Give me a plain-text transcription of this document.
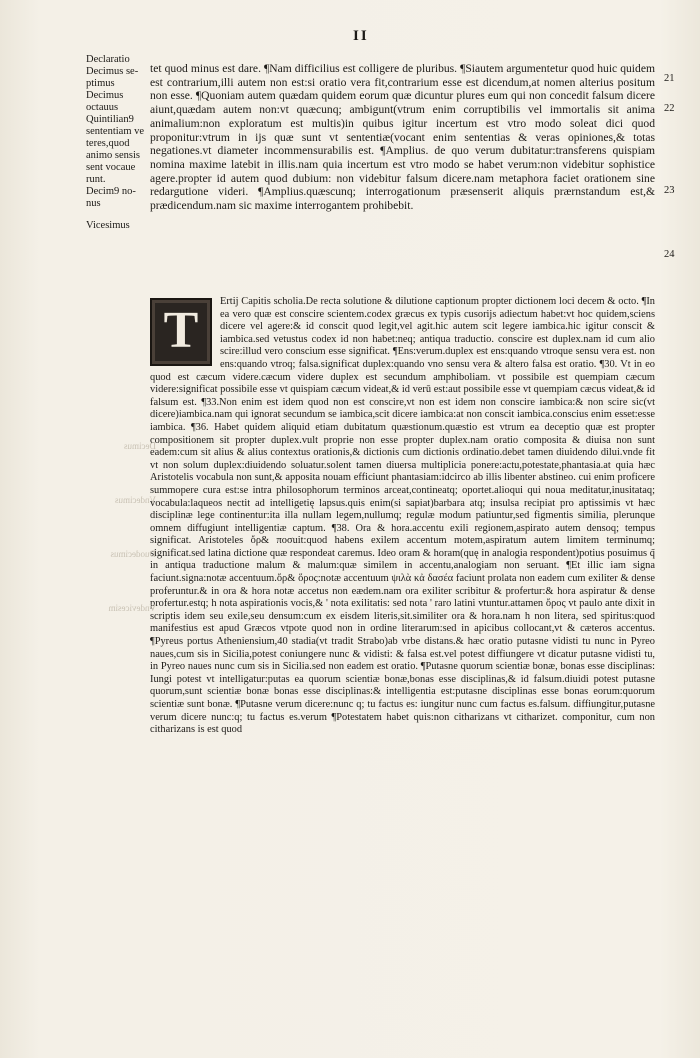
II
Declaratio
Decimus se-
ptimus
Decimus
octauus
Quintilian9
sententiam ve
teres,quod
animo sensis
sent vocaue
runt.
Decim9 no-
nus
Vicesimus

tet quod minus est dare. ¶Nam difficilius est colligere de pluribus. ¶Siautem argumentetur quod huic quidem est contrarium,illi autem non est:si oratio vera fit,contrarium esse est dicendum,at nomen alterius positum non esse. ¶Quoniam autem quædam quidem eorum quæ dicuntur plures eum qui non concedit falsum dicere aiunt,quædam autem non:vt quæcunq; ambigunt(vtrum enim corruptibilis vel immortalis sit anima animalium:non exploratum est multis)in quibus igitur incertum est vtro modo soleat dici quod proponitur:vtrum in ijs quæ sunt vt sententiæ(vocant enim sententias & veras opiniones,& totas negationes.vt diameter incommensurabilis est. ¶Amplius. de quo verum dubitatur:transferens quispiam nomina maxime latebit in illis.nam quia incertum est vtro modo se habet verum:non videbitur sophistice agere.propter id autem quod dubium: non videbitur falsum dicere.nam metaphora faciet orationem sine redargutione videri. ¶Amplius.quæscunq; interrogationum præsenserit aliquis prærnstandum est,& prædicendum.nam sic maxime interrogantem prohibebit.

21
22
23
24
T

Ertij Capitis scholia.De recta solutione & dilutione captionum propter dictionem loci decem & octo. ¶In ea vero quæ est conscire scientem.codex græcus ex typis cusorijs adiectum habet:vt hoc quidem,sciens dicere vel agere:& id conscit quod legit,vel agit.hic autem scit legere iambica.hic igitur conscit & iambica.sed vetustus codex id non habet:neq; antiqua traductio. conscire est duplex.nam id cum alio scire:illud vero conscium esse significat. ¶Ens:verum.duplex est ens:quando vtroque sensu vera est. non ens:quando vtroq; falsa.significat duplex:quando vno sensu vera & altero falsa est oratio. ¶30. Vt in eo quod est cæcum videre.cæcum videre duplex est secundum amphiboliam. vt possibile est quempiam cæcum videre:significat possibile esse vt quispiam cæcum videat,& id verū est:aut possibile esse vt quempiam cæcus videat,& id falsum est. ¶33.Non enim est idem quod non est conscire,vt non est idem non conscire iambica:& non scire sic(vt dicere)iambica.nam qui ignorat secundum se iambica,scit dicere iambica:at non conscit iambica.conscius enim esset:esse iambica. ¶36. Habet quidem aliquid etiam dubitatum quæstionum.quæstio est vtrum ea deceptio quæ est propter compositionem sit propter duplex.vult proprie non esse propter duplex.nam oratio composita & diuisa non sunt eadem:cum sit alius & alius contextus orationis,& dictionis cum dictionis ordinatio.debet tamen diuidendo dilui.vnde fit vt non solum duplex:diuidendo soluatur.solent tamen diuersa multiplicia ponere:actu,potestate,phantasia.at quia hæc Aristotelis vocabula non sunt,& apposita nouam efficiunt phantasiam:idcirco ab illis libenter abstineo. cui enim proficere summopere cura est:se intra philosophorum terminos arceat,contineatq; oportet.alioqui qui noua meditatur,inusitataq; vocabula:laqueos nectit ad intelligetię lapsus.quis enim(si sapiat)barbara atq; insulsa recipiat pro aptissimis vt hæc disciplinæ lege continentur:ita illa nullam legem,nullumq; regulæ modum patiuntur,sed figmentis similia, plerunque omnem diffugiunt intelligentiæ captum. ¶38. Ora & hora.accentu exili regionem,aspirato autem densoq; tempus significat. Aristoteles ὄρ& ποσuit:quod habens exilem accentum motem,aspiratum autem limitem terminumq; significat.sed latina dictione quæ respondeat caremus. Ideo oram & horam(quę in analogia respondent)potius posuimus q̃ in antiqua traductione malum & malum:quæ similem in accentu,analogiam non seruant. ¶Et illic iam signa faciunt.signa:notæ accentuum.ὄρ& ὅρος:notæ accentuum ψιλὰ κἀ δασέα faciunt prolata non eadem cum exiliter & dense proferuntur.& in ora & hora notæ accetus non eædem.nam ora exiliter scribitur & profertur:& hora aspiratur & dense profertur.estq; h nota aspirationis vocis,& ' nota exilitatis: sed nota ' raro latini vtuntur.attamen ὄρος vt paulo ante dixit in scriptis idem seu exile,seu densum:cum ex eisdem literis,sit.similiter ora & hora.nam h non litera, sed spiritus:quod manifestius est apud Græcos vtpote quod non in ordine literarum:sed in apicibus collocant,vt & cæteros accentus. ¶Pyreus portus Atheniensium,40 stadia(vt tradit Strabo)ab vrbe distans.& hæc oratio putasne vidisti tu nunc in Pyreo naues,cum sis in Sicilia,potest coniungere nunc & vidisti: & falsa est.vel potest diffiungere vt dicatur putasne vidisti tu, in Pyreo naues nunc cum sis in Sicilia.sed non eadem est oratio. ¶Putasne quorum scientiæ bonæ, bonas esse disciplinas: Iungi potest vt intelligatur:putas ea quorum scientiæ bonæ,bonas esse disciplinas,& id falsum.diuidi potest putasne quorum,sunt scientiæ bonæ bonas esse disciplinas:& intelligentia est:putasne disciplinas esse bonas eorum:quorum scientiæ sunt bonæ. ¶Putasne verum dicere:nunc q; tu factus es: iungitur nunc cum factus es.falsum. diffiungitur,putasne verum dicere nunc:q; tu factus es.verum ¶Potestatem habet quis:non citharizans vt citharizet. componitur, cum non citharizans is est quod

Decimus
Vndecimus
Duodecimus
Vndevicesim
